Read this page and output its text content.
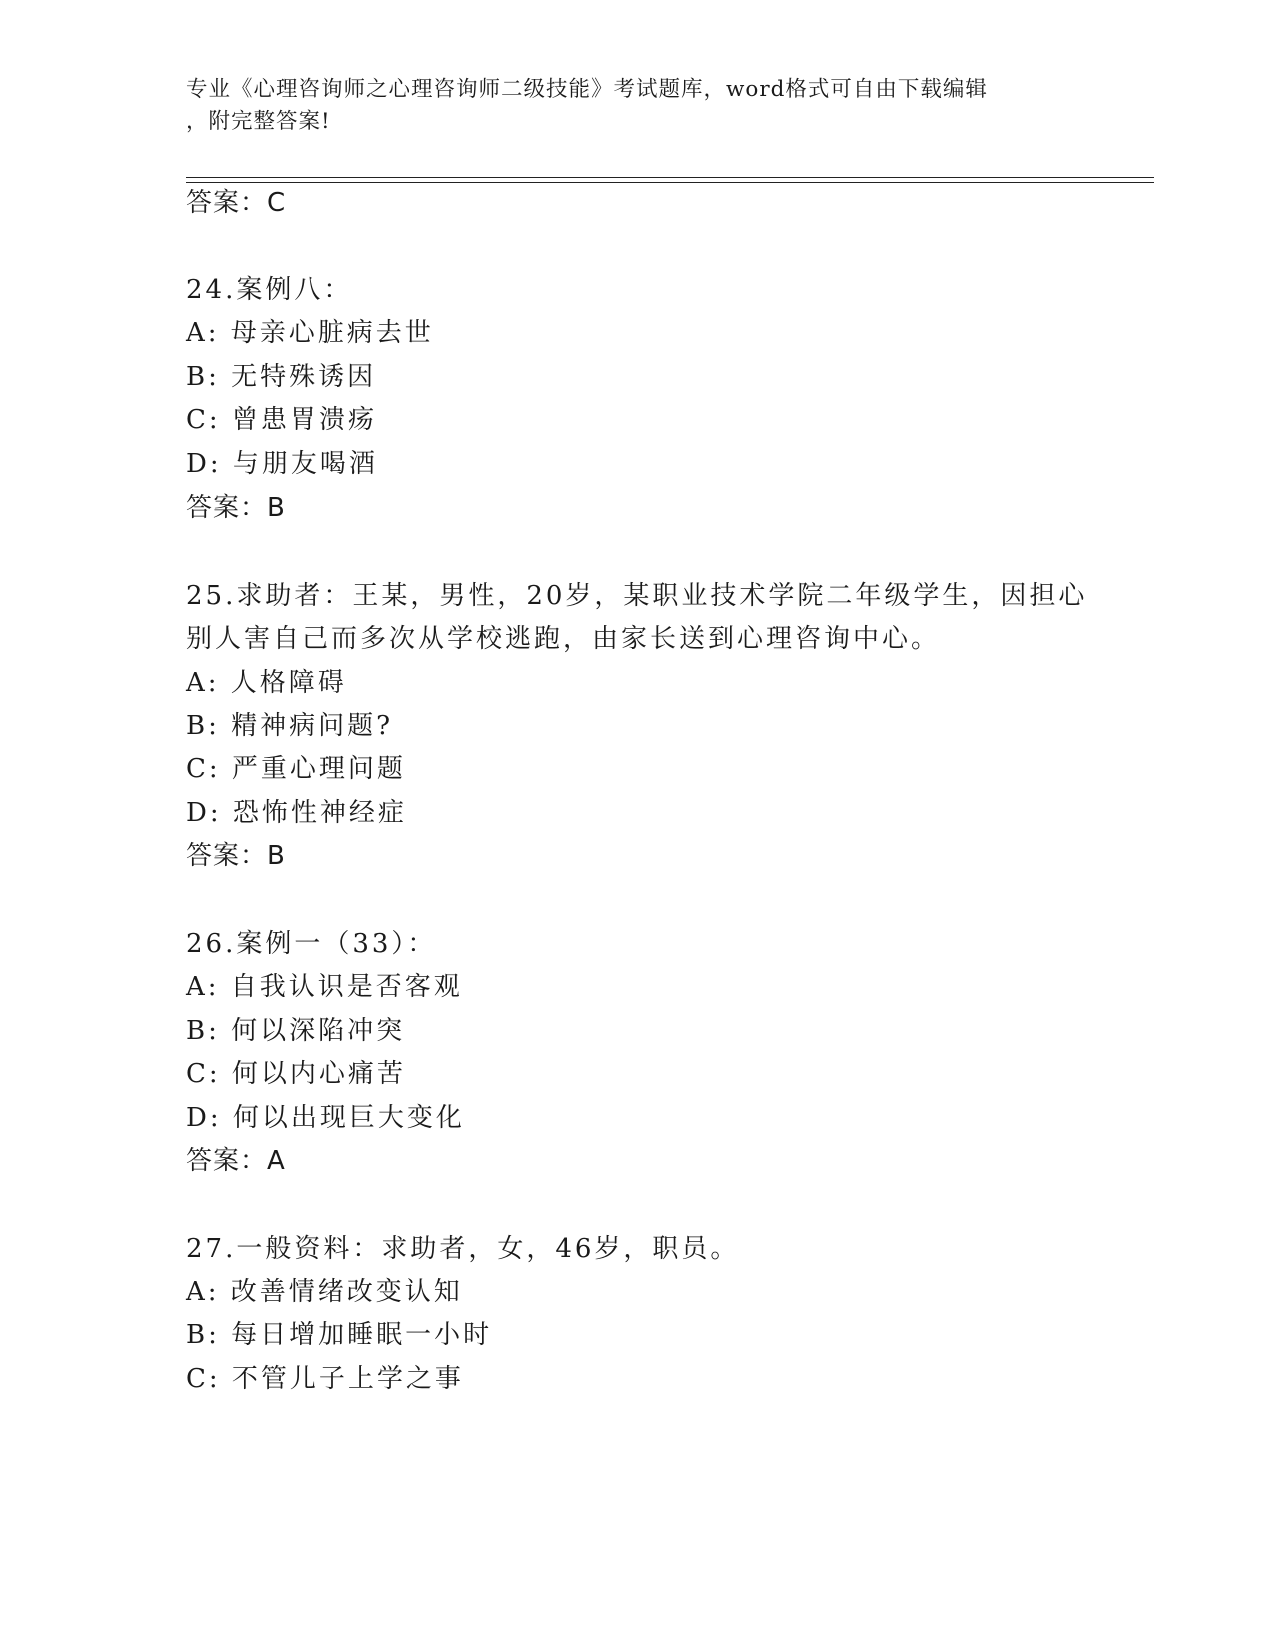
专业《心理咨询师之心理咨询师二级技能》考试题库，word格式可自由下载编辑
，附完整答案!
答案：C
24.案例八：
A: 母亲心脏病去世
B: 无特殊诱因
C: 曾患胃溃疡
D: 与朋友喝酒
答案：B
25.求助者：王某，男性，20岁，某职业技术学院二年级学生，因担心
别人害自己而多次从学校逃跑，由家长送到心理咨询中心。
A: 人格障碍
B: 精神病问题?
C: 严重心理问题
D: 恐怖性神经症
答案：B
26.案例一（33）：
A: 自我认识是否客观
B: 何以深陷冲突
C: 何以内心痛苦
D: 何以出现巨大变化
答案：A
27.一般资料：求助者，女，46岁，职员。
A: 改善情绪改变认知
B: 每日增加睡眠一小时
C: 不管儿子上学之事
